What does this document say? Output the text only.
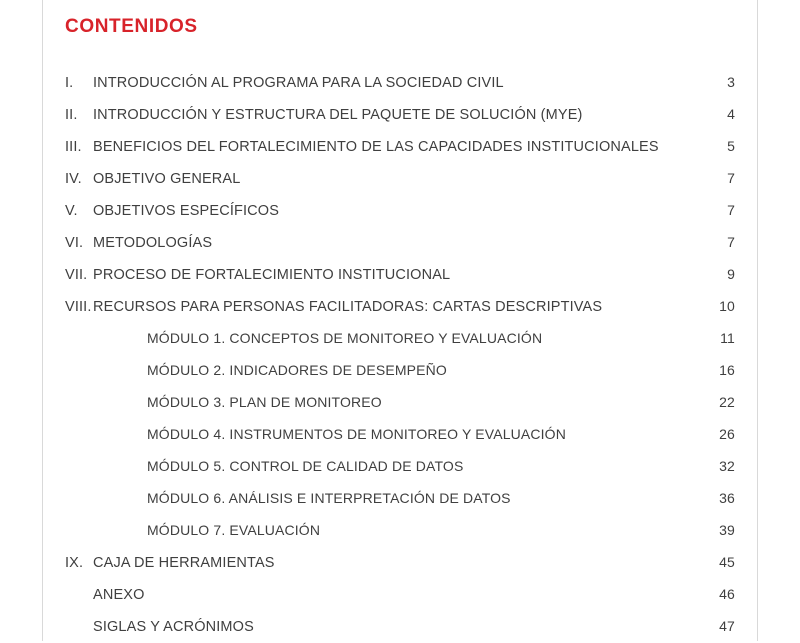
CONTENIDOS
I.	INTRODUCCIÓN AL PROGRAMA PARA LA SOCIEDAD CIVIL	3
II.	INTRODUCCIÓN Y ESTRUCTURA DEL PAQUETE DE SOLUCIÓN (MYE)	4
III. BENEFICIOS DEL FORTALECIMIENTO DE LAS CAPACIDADES INSTITUCIONALES	5
IV. OBJETIVO GENERAL	7
V.	OBJETIVOS ESPECÍFICOS	7
VI. METODOLOGÍAS	7
VII. PROCESO DE FORTALECIMIENTO INSTITUCIONAL	9
VIII. RECURSOS PARA PERSONAS FACILITADORAS: CARTAS DESCRIPTIVAS	10
MÓDULO 1. CONCEPTOS DE MONITOREO Y EVALUACIÓN	11
MÓDULO 2. INDICADORES DE DESEMPEÑO	16
MÓDULO 3. PLAN DE MONITOREO	22
MÓDULO 4. INSTRUMENTOS DE MONITOREO Y EVALUACIÓN	26
MÓDULO 5. CONTROL DE CALIDAD DE DATOS	32
MÓDULO 6. ANÁLISIS E INTERPRETACIÓN DE DATOS	36
MÓDULO 7. EVALUACIÓN	39
IX. CAJA DE HERRAMIENTAS	45
ANEXO	46
SIGLAS Y ACRÓNIMOS	47
